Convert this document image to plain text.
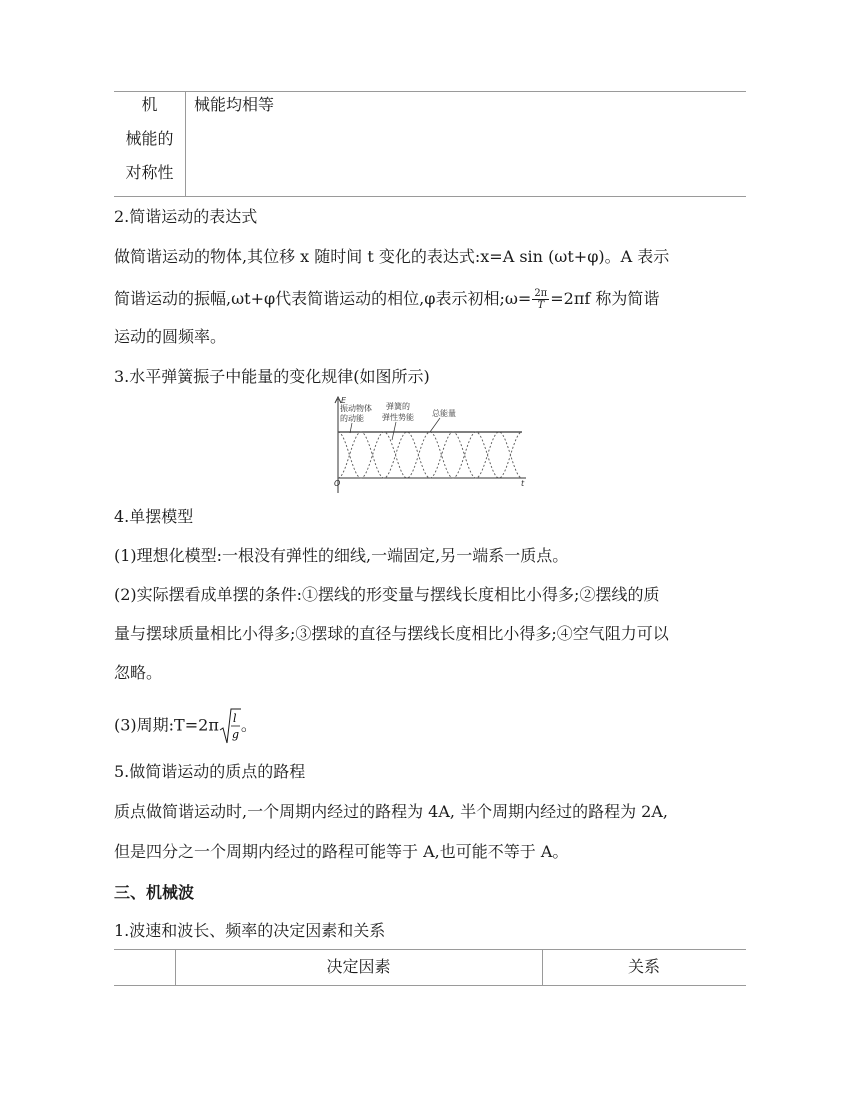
机
械能的
对称性
械能均相等
2.简谐运动的表达式
做简谐运动的物体,其位移 x 随时间 t 变化的表达式:x=A sin (ωt+φ)。A 表示
简谐运动的振幅,ωt+φ代表简谐运动的相位,φ表示初相;ω= $\frac{2\pi}{T} =2\pi f$ 称为简谐
运动的圆频率。
3.水平弹簧振子中能量的变化规律(如图所示)
E
t
O
振动物体
的动能
弹簧的
弹性势能 总能量
4.单摆模型
(1)理想化模型:一根没有弹性的细线,一端固定,另一端系一质点。
(2)实际摆看成单摆的条件:①摆线的形变量与摆线长度相比小得多;②摆线的质
量与摆球质量相比小得多;③摆球的直径与摆线长度相比小得多;④空气阻力可以
忽略。
(3)周期:T=2π l
g 。
5.做简谐运动的质点的路程
质点做简谐运动时,一个周期内经过的路程为 4A, 半个周期内经过的路程为 2A,
但是四分之一个周期内经过的路程可能等于 A,也可能不等于 A。
三、机械波
1.波速和波长、频率的决定因素和关系
决定因素	关系
